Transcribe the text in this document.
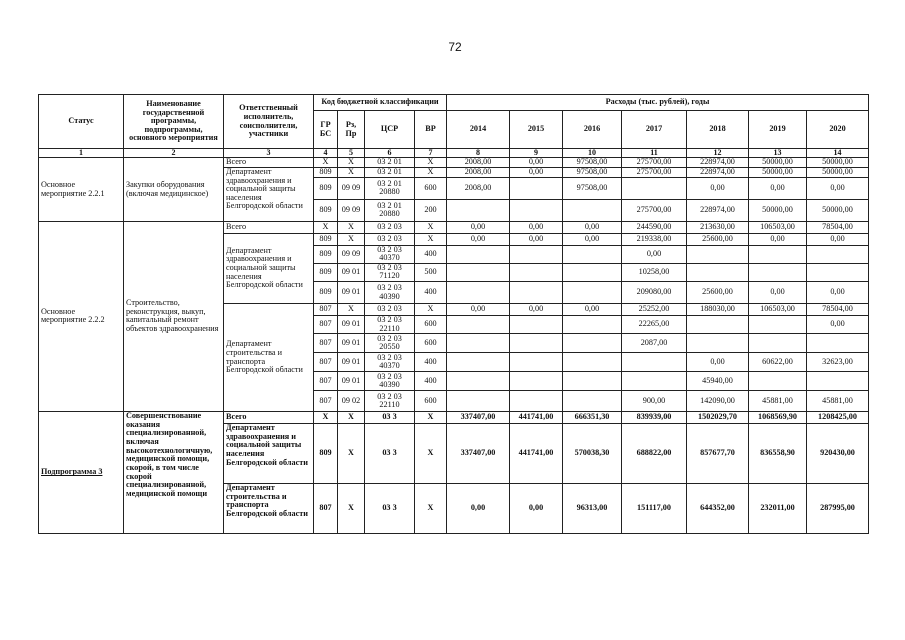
72
Статус	Наименование государственной программы, подпрограммы, основного мероприятия	Ответственный исполнитель, соисполнители, участники	Код бюджетной классификации				Расходы (тыс. рублей), годы						
			ГР БС	Рз, Пр	ЦСР	ВР	2014	2015	2016	2017	2018	2019	2020
1	2	3	4	5	6	7	8	9	10	11	12	13	14
Основное мероприятие 2.2.1	Закупки оборудования (включая медицинское)	Всего	Х	Х	03 2 01	Х	2008,00	0,00	97508,00	275700,00	228974,00	50000,00	50000,00
		Департамент здравоохранения и социальной защиты населения Белгородской области	809	Х	03 2 01	Х	2008,00	0,00	97508,00	275700,00	228974,00	50000,00	50000,00
			809	09 09	03 2 01 20880	600	2008,00		97508,00		0,00	0,00	0,00
			809	09 09	03 2 01 20880	200				275700,00	228974,00	50000,00	50000,00
Основное мероприятие 2.2.2	Строительство, реконструкция, выкуп, капитальный ремонт объектов здравоохранения	Всего	Х	Х	03 2 03	Х	0,00	0,00	0,00	244590,00	213630,00	106503,00	78504,00
		Департамент здравоохранения и социальной защиты населения Белгородской области	809	Х	03 2 03	Х	0,00	0,00	0,00	219338,00	25600,00	0,00	0,00
			809	09 09	03 2 03 40370	400				0,00			
			809	09 01	03 2 03 71120	500				10258,00			
			809	09 01	03 2 03 40390	400				209080,00	25600,00	0,00	0,00
		Департамент строительства и транспорта Белгородской области	807	Х	03 2 03	Х	0,00	0,00	0,00	25252,00	188030,00	106503,00	78504,00
			807	09 01	03 2 03 22110	600				22265,00			0,00
			807	09 01	03 2 03 20550	600				2087,00			
			807	09 01	03 2 03 40370	400					0,00	60622,00	32623,00
			807	09 01	03 2 03 40390	400					45940,00		
			807	09 02	03 2 03 22110	600				900,00	142090,00	45881,00	45881,00
Подпрограмма 3	Совершенствование оказания специализированной, включая высокотехнологичную, медицинской помощи, скорой, в том числе скорой специализированной, медицинской помощи	Всего	Х	Х	03 3	Х	337407,00	441741,00	666351,30	839939,00	1502029,70	1068569,90	1208425,00
		Департамент здравоохранения и социальной защиты населения Белгородской области	809	Х	03 3	Х	337407,00	441741,00	570038,30	688822,00	857677,70	836558,90	920430,00
		Департамент строительства и транспорта Белгородской области	807	Х	03 3	Х	0,00	0,00	96313,00	151117,00	644352,00	232011,00	287995,00
